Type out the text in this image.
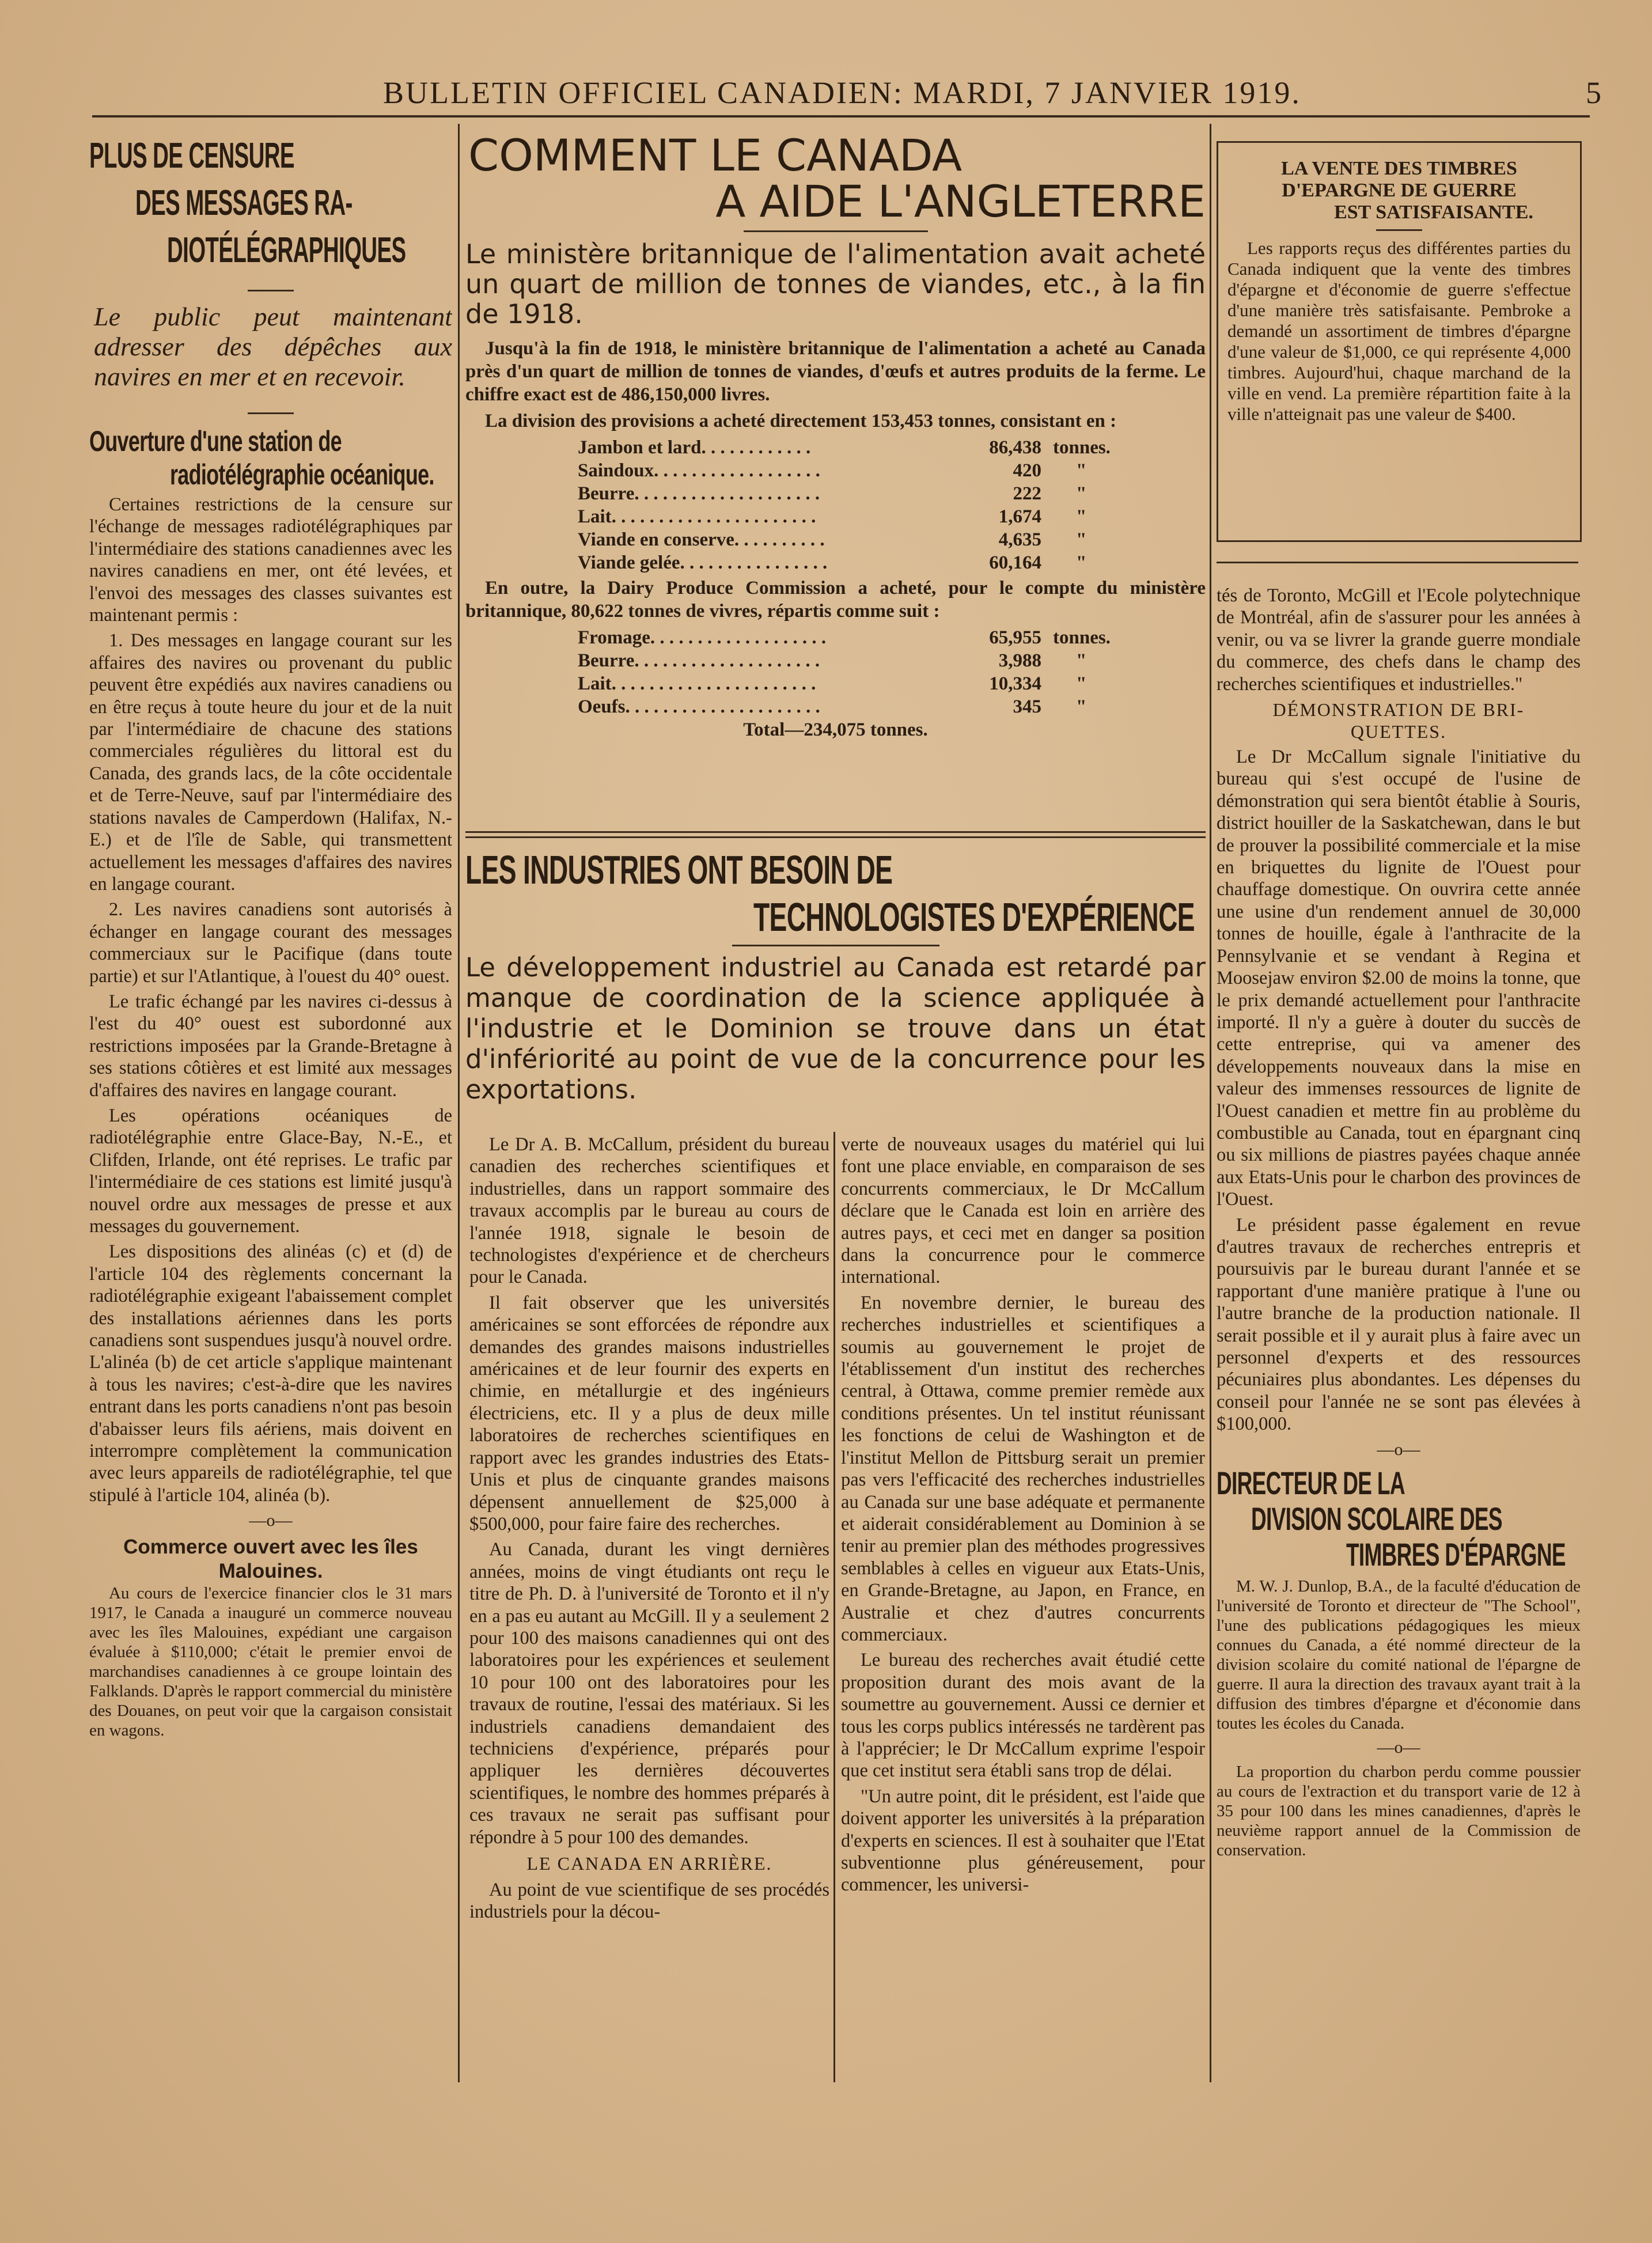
BULLETIN OFFICIEL CANADIEN: MARDI, 7 JANVIER 1919.	5
PLUS DE CENSURE
DES MESSAGES RA-
DIOTÉLÉGRAPHIQUES
Le public peut maintenant adresser des dépêches aux navires en mer et en recevoir.
Ouverture d'une station de
radiotélégraphie océanique.

Certaines restrictions de la censure sur l'échange de messages radiotélégraphiques par l'intermédiaire des stations canadiennes avec les navires canadiens en mer, ont été levées, et l'envoi des messages des classes suivantes est maintenant permis :

1. Des messages en langage courant sur les affaires des navires ou provenant du public peuvent être expédiés aux navires canadiens ou en être reçus à toute heure du jour et de la nuit par l'intermédiaire de chacune des stations commerciales régulières du littoral est du Canada, des grands lacs, de la côte occidentale et de Terre-Neuve, sauf par l'intermédiaire des stations navales de Camperdown (Halifax, N.-E.) et de l'île de Sable, qui transmettent actuellement les messages d'affaires des navires en langage courant.

2. Les navires canadiens sont autorisés à échanger en langage courant des messages commerciaux sur le Pacifique (dans toute partie) et sur l'Atlantique, à l'ouest du 40° ouest.

Le trafic échangé par les navires ci-dessus à l'est du 40° ouest est subordonné aux restrictions imposées par la Grande-Bretagne à ses stations côtières et est limité aux messages d'affaires des navires en langage courant.

Les opérations océaniques de radiotélégraphie entre Glace-Bay, N.-E., et Clifden, Irlande, ont été reprises. Le trafic par l'intermédiaire de ces stations est limité jusqu'à nouvel ordre aux messages de presse et aux messages du gouvernement.

Les dispositions des alinéas (c) et (d) de l'article 104 des règlements concernant la radiotélégraphie exigeant l'abaissement complet des installations aériennes dans les ports canadiens sont suspendues jusqu'à nouvel ordre. L'alinéa (b) de cet article s'applique maintenant à tous les navires; c'est-à-dire que les navires entrant dans les ports canadiens n'ont pas besoin d'abaisser leurs fils aériens, mais doivent en interrompre complètement la communication avec leurs appareils de radiotélégraphie, tel que stipulé à l'article 104, alinéa (b).

—o—
Commerce ouvert avec les îles
Malouines.

Au cours de l'exercice financier clos le 31 mars 1917, le Canada a inauguré un commerce nouveau avec les îles Malouines, expédiant une cargaison évaluée à $110,000; c'était le premier envoi de marchandises canadiennes à ce groupe lointain des Falklands. D'après le rapport commercial du ministère des Douanes, on peut voir que la cargaison consistait en wagons.

COMMENT LE CANADA
A AIDE L'ANGLETERRE
Le ministère britannique de l'alimentation avait acheté un quart de million de tonnes de viandes, etc., à la fin de 1918.

Jusqu'à la fin de 1918, le ministère britannique de l'alimentation a acheté au Canada près d'un quart de million de tonnes de viandes, d'œufs et autres produits de la ferme. Le chiffre exact est de 486,150,000 livres.

La division des provisions a acheté directement 153,453 tonnes, consistant en :

Jambon et lard. . . . . . . . . . . .	86,438 tonnes.
Saindoux. . . . . . . . . . . . . . . . . .	420	"
Beurre. . . . . . . . . . . . . . . . . . . .	222	"
Lait. . . . . . . . . . . . . . . . . . . . . .	1,674	"
Viande en conserve. . . . . . . . . .	4,635	"
Viande gelée. . . . . . . . . . . . . . . .	60,164	"

En outre, la Dairy Produce Commission a acheté, pour le compte du ministère britannique, 80,622 tonnes de vivres, répartis comme suit :

Fromage. . . . . . . . . . . . . . . . . . .	65,955 tonnes.
Beurre. . . . . . . . . . . . . . . . . . . .	3,988	"
Lait. . . . . . . . . . . . . . . . . . . . . .	10,334	"
Oeufs. . . . . . . . . . . . . . . . . . . . .	345	"
Total—234,075 tonnes.
LES INDUSTRIES ONT BESOIN DE
TECHNOLOGISTES D'EXPÉRIENCE
Le développement industriel au Canada est retardé par manque de coordination de la science appliquée à l'industrie et le Dominion se trouve dans un état d'infériorité au point de vue de la concurrence pour les exportations.

Le Dr A. B. McCallum, président du bureau canadien des recherches scientifiques et industrielles, dans un rapport sommaire des travaux accomplis par le bureau au cours de l'année 1918, signale le besoin de technologistes d'expérience et de chercheurs pour le Canada.

Il fait observer que les universités américaines se sont efforcées de répondre aux demandes des grandes maisons industrielles américaines et de leur fournir des experts en chimie, en métallurgie et des ingénieurs électriciens, etc. Il y a plus de deux mille laboratoires de recherches scientifiques en rapport avec les grandes industries des Etats-Unis et plus de cinquante grandes maisons dépensent annuellement de $25,000 à $500,000, pour faire faire des recherches.

Au Canada, durant les vingt dernières années, moins de vingt étudiants ont reçu le titre de Ph. D. à l'université de Toronto et il n'y en a pas eu autant au McGill. Il y a seulement 2 pour 100 des maisons canadiennes qui ont des laboratoires pour les expériences et seulement 10 pour 100 ont des laboratoires pour les travaux de routine, l'essai des matériaux. Si les industriels canadiens demandaient des techniciens d'expérience, préparés pour appliquer les dernières découvertes scientifiques, le nombre des hommes préparés à ces travaux ne serait pas suffisant pour répondre à 5 pour 100 des demandes.

LE CANADA EN ARRIÈRE.

Au point de vue scientifique de ses procédés industriels pour la décou-

verte de nouveaux usages du matériel qui lui font une place enviable, en comparaison de ses concurrents commerciaux, le Dr McCallum déclare que le Canada est loin en arrière des autres pays, et ceci met en danger sa position dans la concurrence pour le commerce international.

En novembre dernier, le bureau des recherches industrielles et scientifiques a soumis au gouvernement le projet de l'établissement d'un institut des recherches central, à Ottawa, comme premier remède aux conditions présentes. Un tel institut réunissant les fonctions de celui de Washington et de l'institut Mellon de Pittsburg serait un premier pas vers l'efficacité des recherches industrielles au Canada sur une base adéquate et permanente et aiderait considérablement au Dominion à se tenir au premier plan des méthodes progressives semblables à celles en vigueur aux Etats-Unis, en Grande-Bretagne, au Japon, en France, en Australie et chez d'autres concurrents commerciaux.

Le bureau des recherches avait étudié cette proposition durant des mois avant de la soumettre au gouvernement. Aussi ce dernier et tous les corps publics intéressés ne tardèrent pas à l'apprécier; le Dr McCallum exprime l'espoir que cet institut sera établi sans trop de délai.

"Un autre point, dit le président, est l'aide que doivent apporter les universités à la préparation d'experts en sciences. Il est à souhaiter que l'Etat subventionne plus généreusement, pour commencer, les universi-

LA VENTE DES TIMBRES
D'EPARGNE DE GUERRE
EST SATISFAISANTE.

Les rapports reçus des différentes parties du Canada indiquent que la vente des timbres d'épargne et d'économie de guerre s'effectue d'une manière très satisfaisante. Pembroke a demandé un assortiment de timbres d'épargne d'une valeur de $1,000, ce qui représente 4,000 timbres. Aujourd'hui, chaque marchand de la ville en vend. La première répartition faite à la ville n'atteignait pas une valeur de $400.

tés de Toronto, McGill et l'Ecole polytechnique de Montréal, afin de s'assurer pour les années à venir, ou va se livrer la grande guerre mondiale du commerce, des chefs dans le champ des recherches scientifiques et industrielles."

DÉMONSTRATION DE BRI-
QUETTES.

Le Dr McCallum signale l'initiative du bureau qui s'est occupé de l'usine de démonstration qui sera bientôt établie à Souris, district houiller de la Saskatchewan, dans le but de prouver la possibilité commerciale et la mise en briquettes du lignite de l'Ouest pour chauffage domestique. On ouvrira cette année une usine d'un rendement annuel de 30,000 tonnes de houille, égale à l'anthracite de la Pennsylvanie et se vendant à Regina et Moosejaw environ $2.00 de moins la tonne, que le prix demandé actuellement pour l'anthracite importé. Il n'y a guère à douter du succès de cette entreprise, qui va amener des développements nouveaux dans la mise en valeur des immenses ressources de lignite de l'Ouest canadien et mettre fin au problème du combustible au Canada, tout en épargnant cinq ou six millions de piastres payées chaque année aux Etats-Unis pour le charbon des provinces de l'Ouest.

Le président passe également en revue d'autres travaux de recherches entrepris et poursuivis par le bureau durant l'année et se rapportant d'une manière pratique à l'une ou l'autre branche de la production nationale. Il serait possible et il y aurait plus à faire avec un personnel d'experts et des ressources pécuniaires plus abondantes. Les dépenses du conseil pour l'année ne se sont pas élevées à $100,000.

—o—
DIRECTEUR DE LA
DIVISION SCOLAIRE DES
TIMBRES D'ÉPARGNE

M. W. J. Dunlop, B.A., de la faculté d'éducation de l'université de Toronto et directeur de "The School", l'une des publications pédagogiques les mieux connues du Canada, a été nommé directeur de la division scolaire du comité national de l'épargne de guerre. Il aura la direction des travaux ayant trait à la diffusion des timbres d'épargne et d'économie dans toutes les écoles du Canada.

—o—

La proportion du charbon perdu comme poussier au cours de l'extraction et du transport varie de 12 à 35 pour 100 dans les mines canadiennes, d'après le neuvième rapport annuel de la Commission de conservation.
